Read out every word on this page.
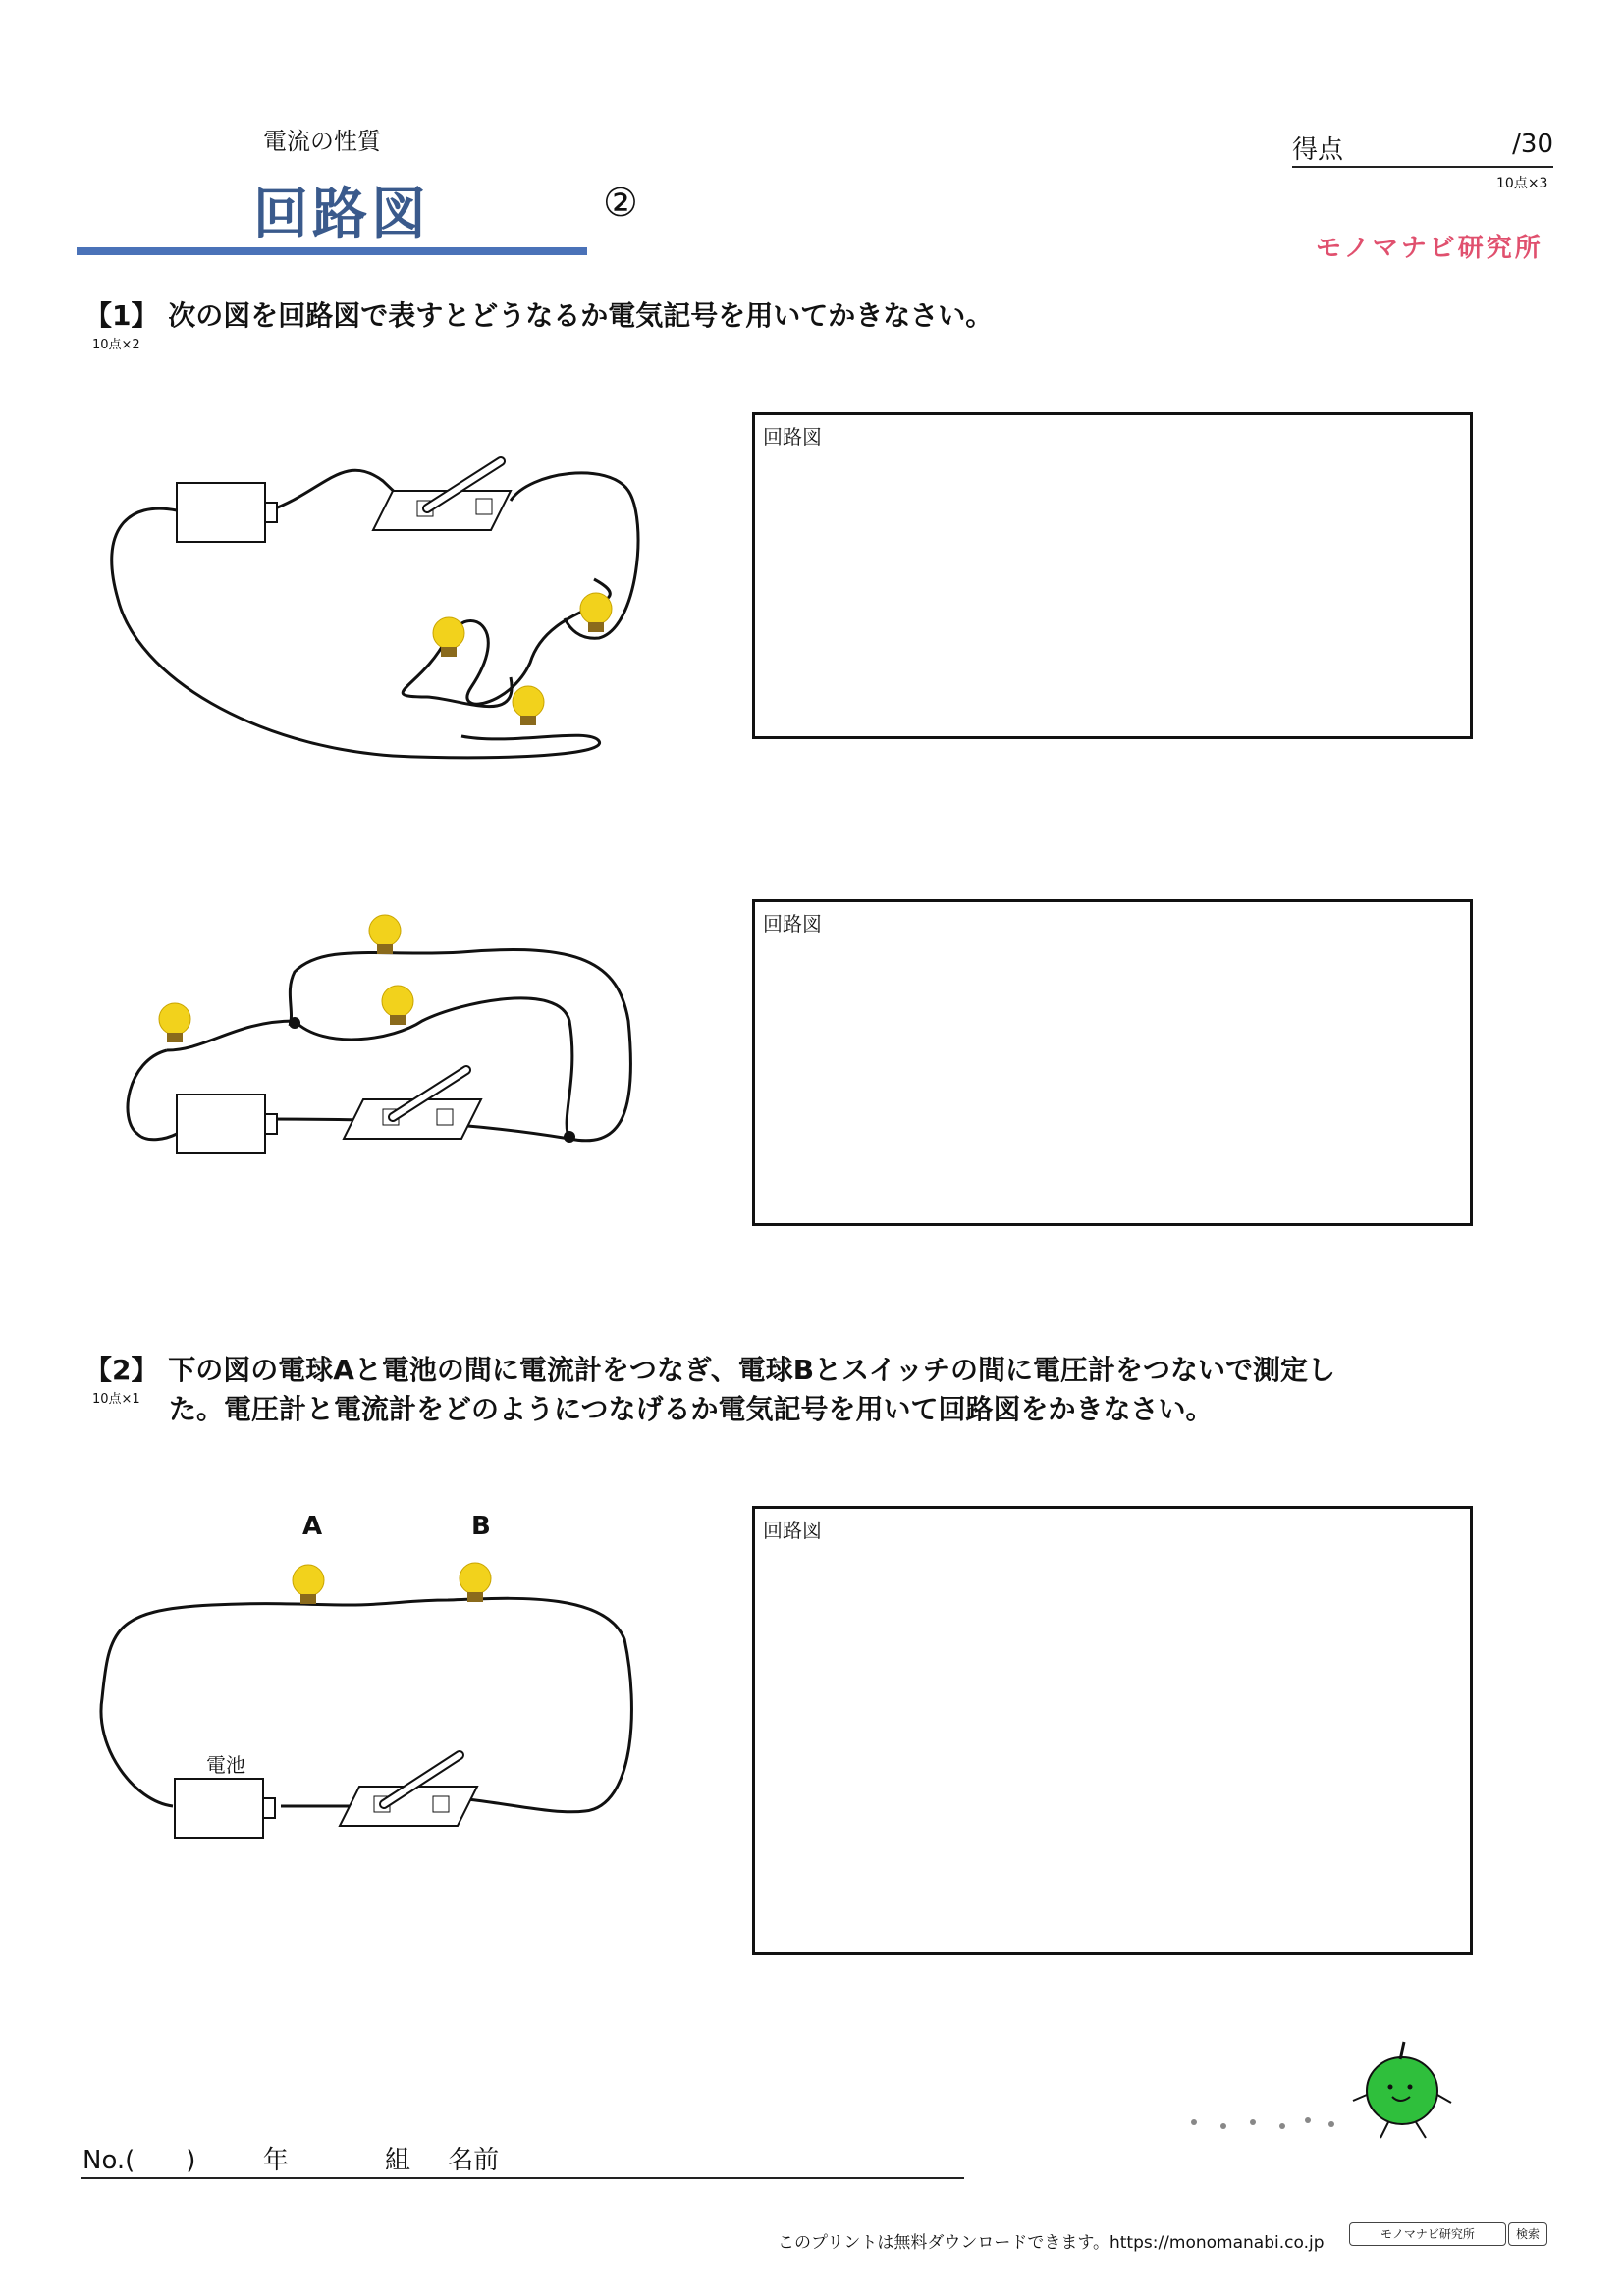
電流の性質
回路図	②
得点	/30
10点×3
モノマナビ研究所
【1】 次の図を回路図で表すとどうなるか電気記号を用いてかきなさい。
10点×2
回路図
回路図
【2】 下の図の電球Aと電池の間に電流計をつなぎ、電球Bとスイッチの間に電圧計をつないで測定し
10点×1 た。電圧計と電流計をどのようにつなげるか電気記号を用いて回路図をかきなさい。
A	B
電池
回路図
No.(　　)	年	組 名前
このプリントは無料ダウンロードできます。https://monomanabi.co.jp	モノマナビ研究所	検索
